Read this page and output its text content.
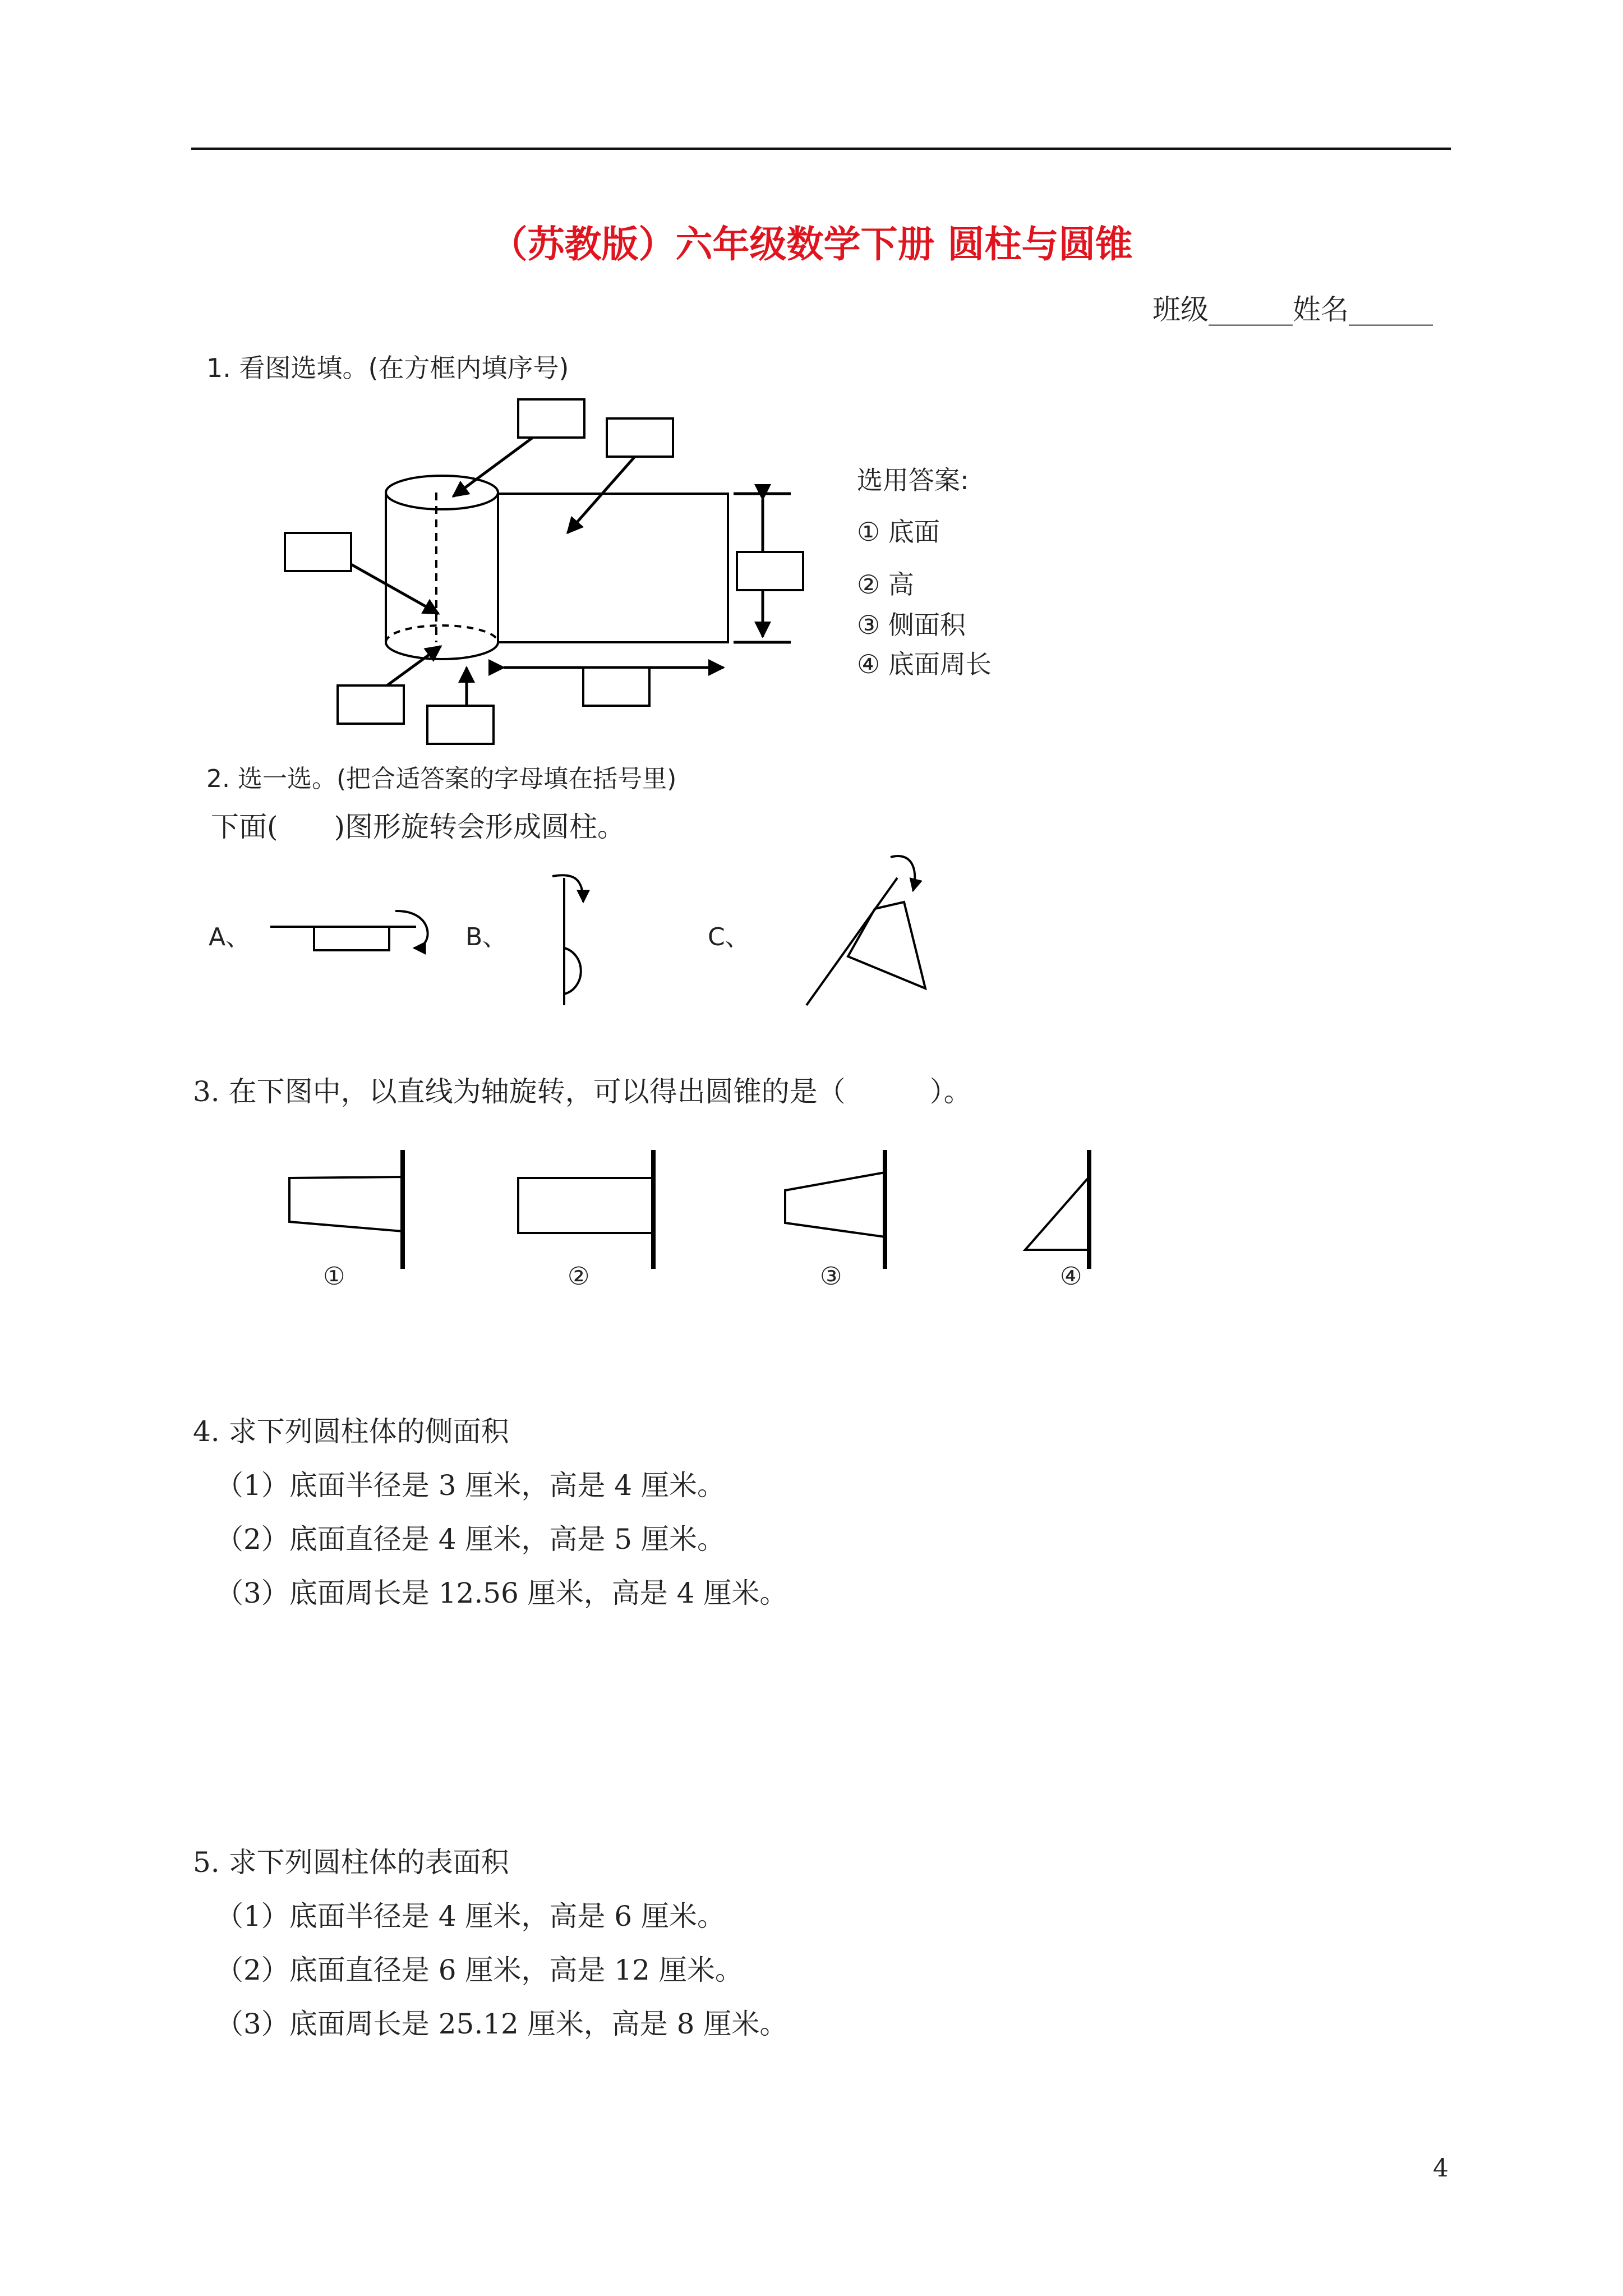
（苏教版）六年级数学下册 圆柱与圆锥
班级______姓名______
1. 看图选填。(在方框内填序号)
选用答案:
① 底面
② 高
③ 侧面积
④ 底面周长
2. 选一选。(把合适答案的字母填在括号里)
下面(　　)图形旋转会形成圆柱。
A、	B、	C、
3. 在下图中，以直线为轴旋转，可以得出圆锥的是（　　　）。
①	②	③	④
4. 求下列圆柱体的侧面积
（1）底面半径是 3 厘米，高是 4 厘米。
（2）底面直径是 4 厘米，高是 5 厘米。
（3）底面周长是 12.56 厘米，高是 4 厘米。
5. 求下列圆柱体的表面积
（1）底面半径是 4 厘米，高是 6 厘米。
（2）底面直径是 6 厘米，高是 12 厘米。
（3）底面周长是 25.12 厘米，高是 8 厘米。
4
